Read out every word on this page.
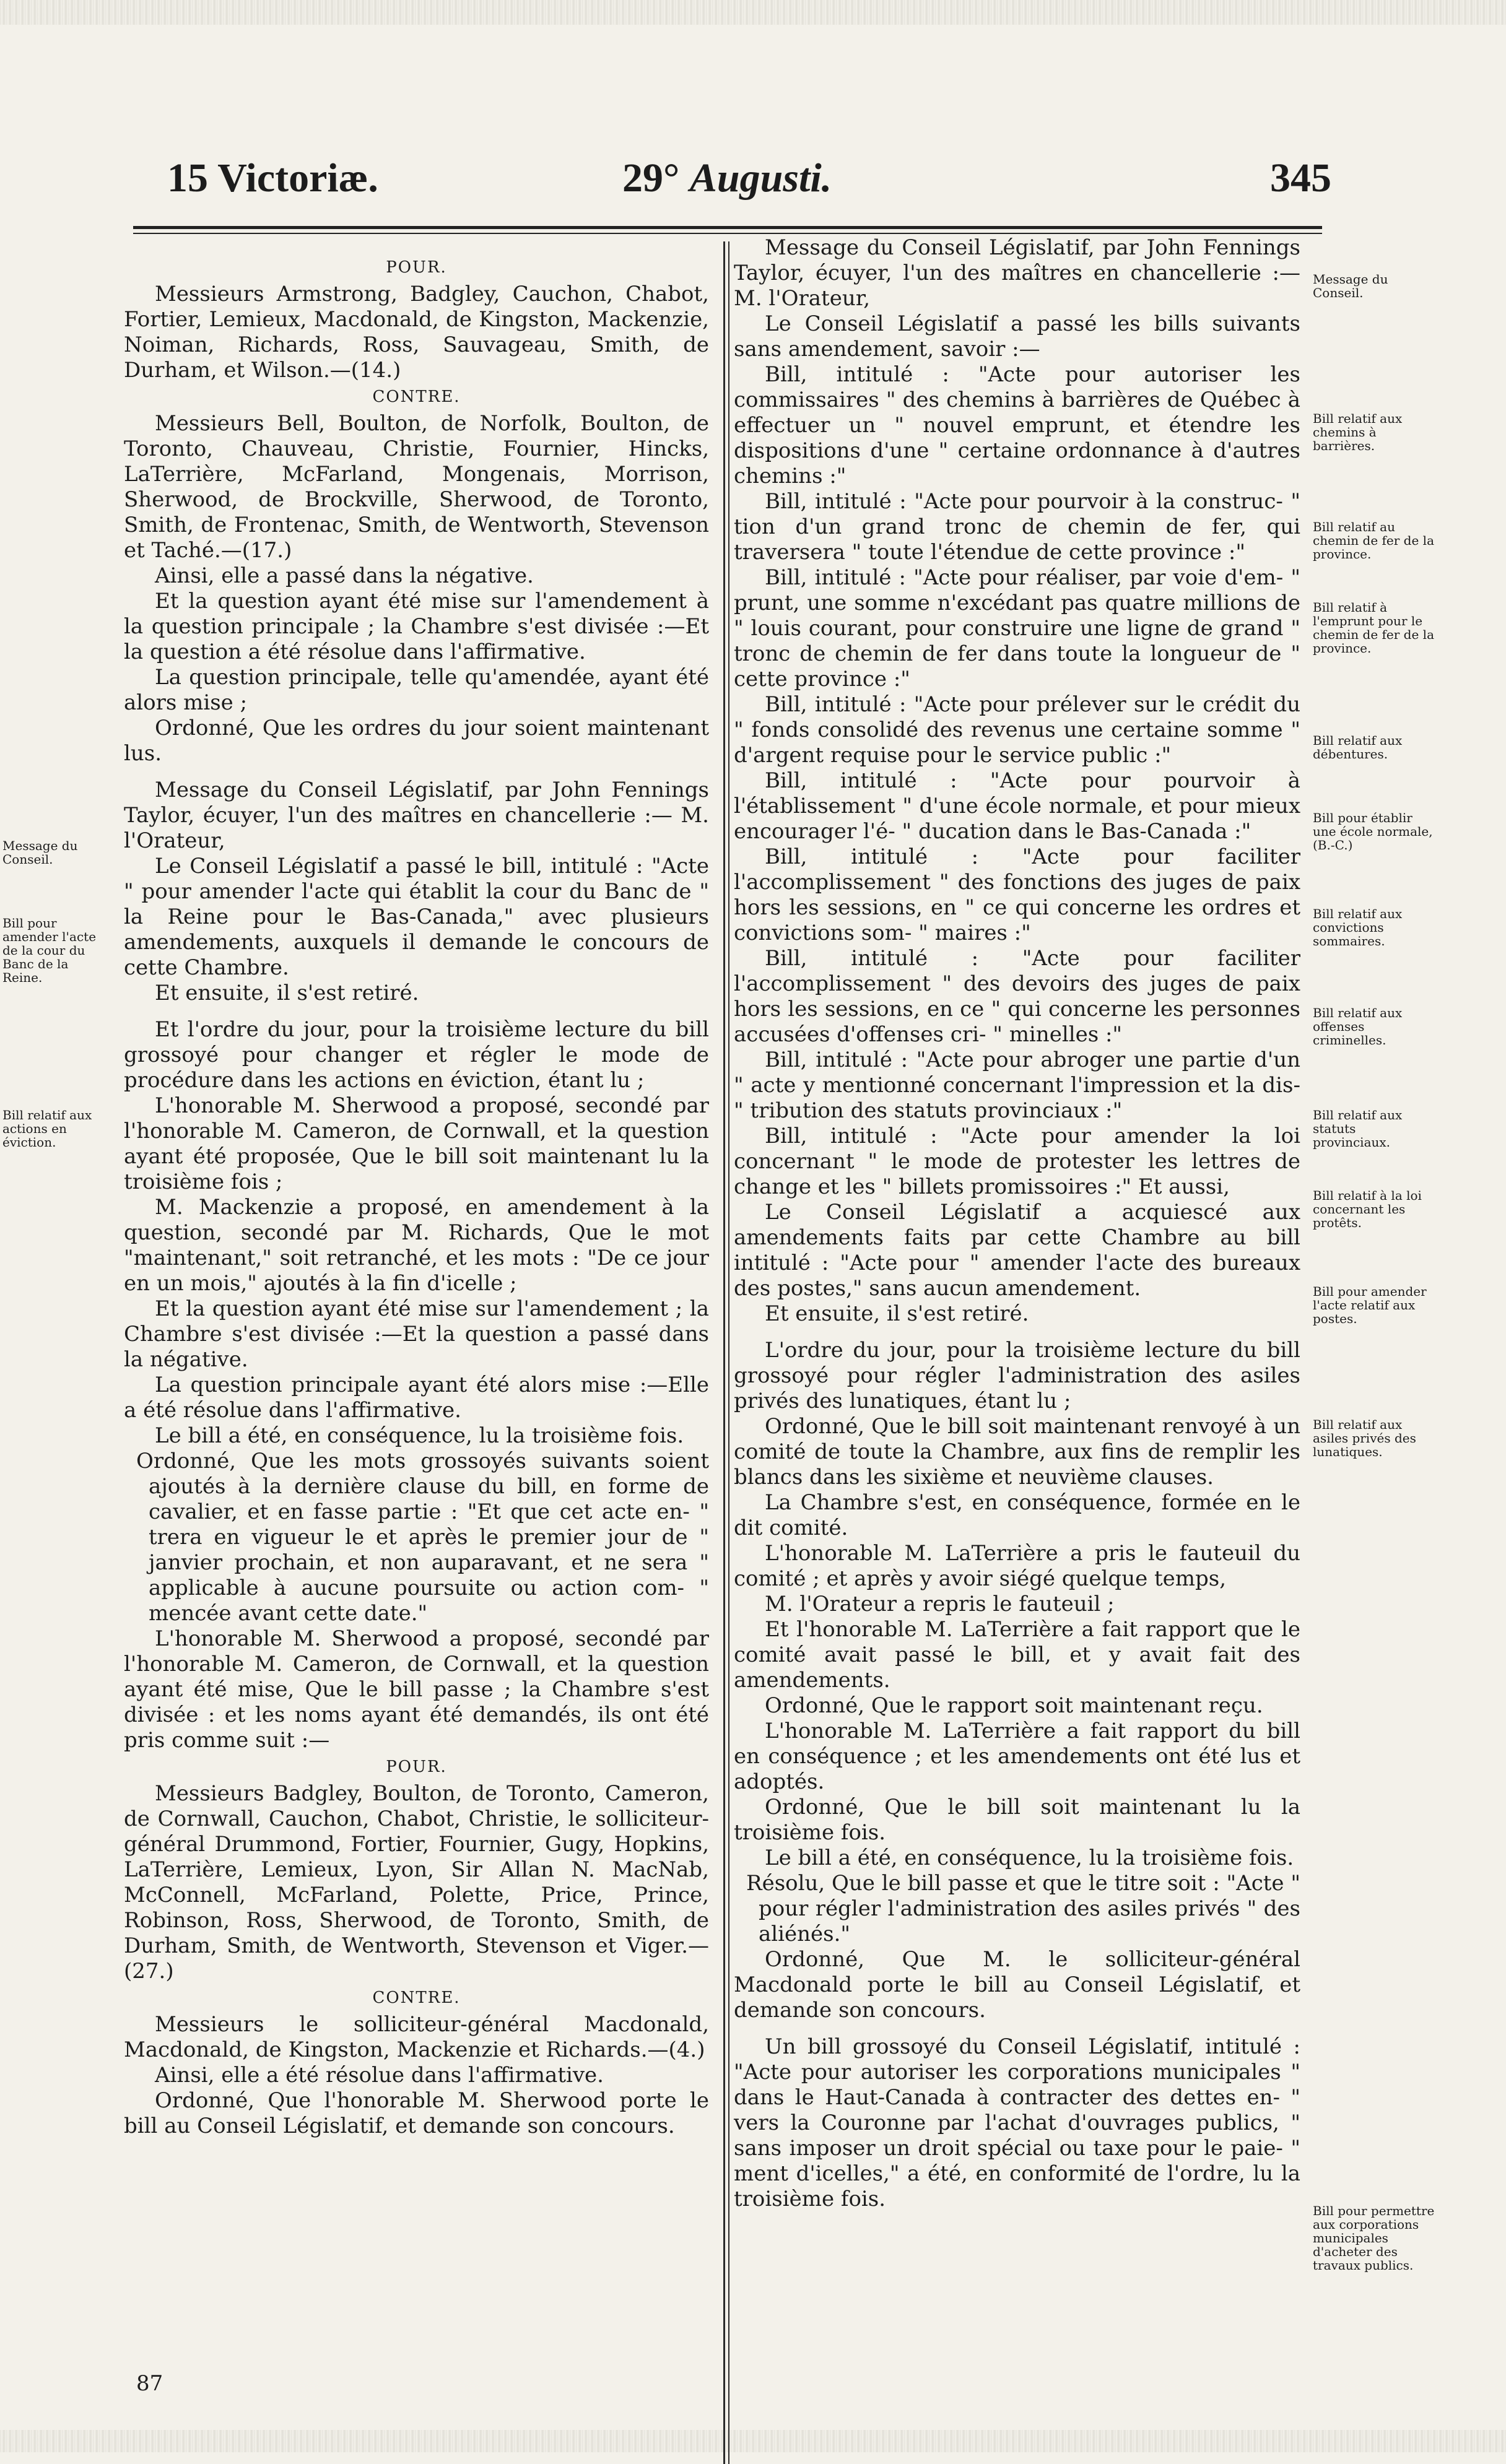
15 Victoriæ.	29° Augusti.	345

POUR.

Messieurs Armstrong, Badgley, Cauchon, Chabot, Fortier, Lemieux, Macdonald, de Kingston, Mackenzie, Noiman, Richards, Ross, Sauvageau, Smith, de Durham, et Wilson.—(14.)

CONTRE.

Messieurs Bell, Boulton, de Norfolk, Boulton, de Toronto, Chauveau, Christie, Fournier, Hincks, LaTerrière, McFarland, Mongenais, Morrison, Sherwood, de Brockville, Sherwood, de Toronto, Smith, de Frontenac, Smith, de Wentworth, Stevenson et Taché.—(17.)

Ainsi, elle a passé dans la négative.

Et la question ayant été mise sur l'amendement à la question principale ; la Chambre s'est divisée :—Et la question a été résolue dans l'affirmative.

La question principale, telle qu'amendée, ayant été alors mise ;

Ordonné, Que les ordres du jour soient maintenant lus.

Message du Conseil Législatif, par John Fennings Taylor, écuyer, l'un des maîtres en chancellerie :— M. l'Orateur,

Le Conseil Législatif a passé le bill, intitulé : "Acte " pour amender l'acte qui établit la cour du Banc de " la Reine pour le Bas-Canada," avec plusieurs amendements, auxquels il demande le concours de cette Chambre.

Et ensuite, il s'est retiré.

Et l'ordre du jour, pour la troisième lecture du bill grossoyé pour changer et régler le mode de procédure dans les actions en éviction, étant lu ;

L'honorable M. Sherwood a proposé, secondé par l'honorable M. Cameron, de Cornwall, et la question ayant été proposée, Que le bill soit maintenant lu la troisième fois ;

M. Mackenzie a proposé, en amendement à la question, secondé par M. Richards, Que le mot "maintenant," soit retranché, et les mots : "De ce jour en un mois," ajoutés à la fin d'icelle ;

Et la question ayant été mise sur l'amendement ; la Chambre s'est divisée :—Et la question a passé dans la négative.

La question principale ayant été alors mise :—Elle a été résolue dans l'affirmative.

Le bill a été, en conséquence, lu la troisième fois.

Ordonné, Que les mots grossoyés suivants soient ajoutés à la dernière clause du bill, en forme de cavalier, et en fasse partie : "Et que cet acte en- " trera en vigueur le et après le premier jour de " janvier prochain, et non auparavant, et ne sera " applicable à aucune poursuite ou action com- " mencée avant cette date."

L'honorable M. Sherwood a proposé, secondé par l'honorable M. Cameron, de Cornwall, et la question ayant été mise, Que le bill passe ; la Chambre s'est divisée : et les noms ayant été demandés, ils ont été pris comme suit :—

POUR.

Messieurs Badgley, Boulton, de Toronto, Cameron, de Cornwall, Cauchon, Chabot, Christie, le solliciteur-général Drummond, Fortier, Fournier, Gugy, Hopkins, LaTerrière, Lemieux, Lyon, Sir Allan N. MacNab, McConnell, McFarland, Polette, Price, Prince, Robinson, Ross, Sherwood, de Toronto, Smith, de Durham, Smith, de Wentworth, Stevenson et Viger.—(27.)

CONTRE.

Messieurs le solliciteur-général Macdonald, Macdonald, de Kingston, Mackenzie et Richards.—(4.)

Ainsi, elle a été résolue dans l'affirmative.

Ordonné, Que l'honorable M. Sherwood porte le bill au Conseil Législatif, et demande son concours.

Message du Conseil.
Bill pour amender l'acte de la cour du Banc de la Reine.
Bill relatif aux actions en éviction.

Message du Conseil Législatif, par John Fennings Taylor, écuyer, l'un des maîtres en chancellerie :— M. l'Orateur,

Le Conseil Législatif a passé les bills suivants sans amendement, savoir :—

Bill, intitulé : "Acte pour autoriser les commissaires " des chemins à barrières de Québec à effectuer un " nouvel emprunt, et étendre les dispositions d'une " certaine ordonnance à d'autres chemins :"

Bill, intitulé : "Acte pour pourvoir à la construc- " tion d'un grand tronc de chemin de fer, qui traversera " toute l'étendue de cette province :"

Bill, intitulé : "Acte pour réaliser, par voie d'em- " prunt, une somme n'excédant pas quatre millions de " louis courant, pour construire une ligne de grand " tronc de chemin de fer dans toute la longueur de " cette province :"

Bill, intitulé : "Acte pour prélever sur le crédit du " fonds consolidé des revenus une certaine somme " d'argent requise pour le service public :"

Bill, intitulé : "Acte pour pourvoir à l'établissement " d'une école normale, et pour mieux encourager l'é- " ducation dans le Bas-Canada :"

Bill, intitulé : "Acte pour faciliter l'accomplissement " des fonctions des juges de paix hors les sessions, en " ce qui concerne les ordres et convictions som- " maires :"

Bill, intitulé : "Acte pour faciliter l'accomplissement " des devoirs des juges de paix hors les sessions, en ce " qui concerne les personnes accusées d'offenses cri- " minelles :"

Bill, intitulé : "Acte pour abroger une partie d'un " acte y mentionné concernant l'impression et la dis- " tribution des statuts provinciaux :"

Bill, intitulé : "Acte pour amender la loi concernant " le mode de protester les lettres de change et les " billets promissoires :" Et aussi,

Le Conseil Législatif a acquiescé aux amendements faits par cette Chambre au bill intitulé : "Acte pour " amender l'acte des bureaux des postes," sans aucun amendement.

Et ensuite, il s'est retiré.

L'ordre du jour, pour la troisième lecture du bill grossoyé pour régler l'administration des asiles privés des lunatiques, étant lu ;

Ordonné, Que le bill soit maintenant renvoyé à un comité de toute la Chambre, aux fins de remplir les blancs dans les sixième et neuvième clauses.

La Chambre s'est, en conséquence, formée en le dit comité.

L'honorable M. LaTerrière a pris le fauteuil du comité ; et après y avoir siégé quelque temps,

M. l'Orateur a repris le fauteuil ;

Et l'honorable M. LaTerrière a fait rapport que le comité avait passé le bill, et y avait fait des amendements.

Ordonné, Que le rapport soit maintenant reçu.

L'honorable M. LaTerrière a fait rapport du bill en conséquence ; et les amendements ont été lus et adoptés.

Ordonné, Que le bill soit maintenant lu la troisième fois.

Le bill a été, en conséquence, lu la troisième fois.

Résolu, Que le bill passe et que le titre soit : "Acte " pour régler l'administration des asiles privés " des aliénés."

Ordonné, Que M. le solliciteur-général Macdonald porte le bill au Conseil Législatif, et demande son concours.

Un bill grossoyé du Conseil Législatif, intitulé : "Acte pour autoriser les corporations municipales " dans le Haut-Canada à contracter des dettes en- " vers la Couronne par l'achat d'ouvrages publics, " sans imposer un droit spécial ou taxe pour le paie- " ment d'icelles," a été, en conformité de l'ordre, lu la troisième fois.

Message du Conseil.
Bill relatif aux chemins à barrières.
Bill relatif au chemin de fer de la province.
Bill relatif à l'emprunt pour le chemin de fer de la province.
Bill relatif aux débentures.
Bill pour établir une école normale, (B.-C.)
Bill relatif aux convictions sommaires.
Bill relatif aux offenses criminelles.
Bill relatif aux statuts provinciaux.
Bill relatif à la loi concernant les protêts.
Bill pour amender l'acte relatif aux postes.
Bill relatif aux asiles privés des lunatiques.
Bill pour permettre aux corporations municipales d'acheter des travaux publics.
87
